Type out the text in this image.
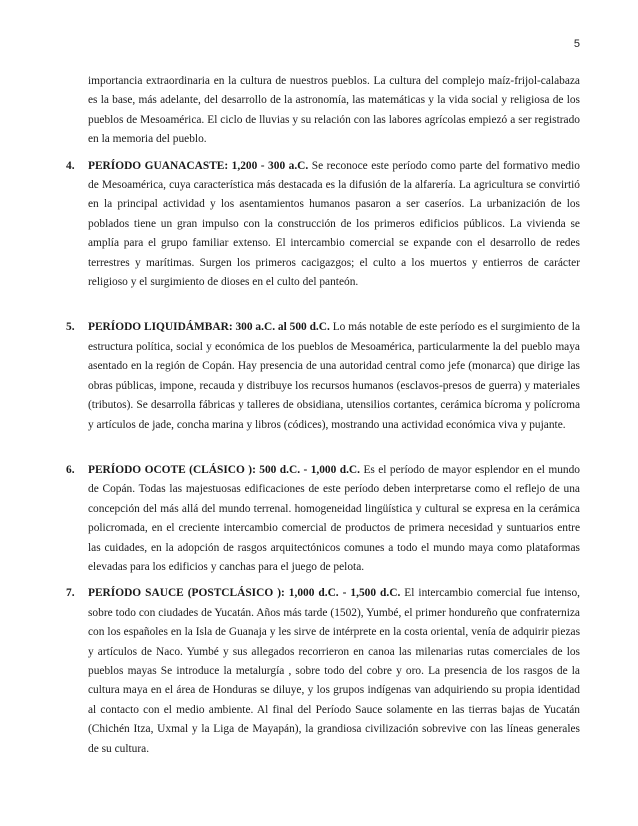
5

importancia extraordinaria en la cultura de nuestros pueblos. La cultura del complejo maíz-frijol-calabaza es la base, más adelante, del desarrollo de la astronomía, las matemáticas y la vida social y religiosa de los pueblos de Mesoamérica. El ciclo de lluvias y su relación con las labores agrícolas empiezó a ser registrado en la memoria del pueblo.

4. PERÍODO GUANACASTE: 1,200 - 300 a.C. Se reconoce este período como parte del formativo medio de Mesoamérica, cuya característica más destacada es la difusión de la alfarería. La agricultura se convirtió en la principal actividad y los asentamientos humanos pasaron a ser caseríos. La urbanización de los poblados tiene un gran impulso con la construcción de los primeros edificios públicos. La vivienda se amplía para el grupo familiar extenso. El intercambio comercial se expande con el desarrollo de redes terrestres y marítimas. Surgen los primeros cacigazgos; el culto a los muertos y entierros de carácter religioso y el surgimiento de dioses en el culto del panteón.
5. PERÍODO LIQUIDÁMBAR: 300 a.C. al 500 d.C. Lo más notable de este período es el surgimiento de la estructura política, social y económica de los pueblos de Mesoamérica, particularmente la del pueblo maya asentado en la región de Copán. Hay presencia de una autoridad central como jefe (monarca) que dirige las obras públicas, impone, recauda y distribuye los recursos humanos (esclavos-presos de guerra) y materiales (tributos). Se desarrolla fábricas y talleres de obsidiana, utensilios cortantes, cerámica bícroma y polícroma y artículos de jade, concha marina y libros (códices), mostrando una actividad económica viva y pujante.
6. PERÍODO OCOTE (CLÁSICO ): 500 d.C. - 1,000 d.C. Es el período de mayor esplendor en el mundo de Copán. Todas las majestuosas edificaciones de este período deben interpretarse como el reflejo de una concepción del más allá del mundo terrenal. homogeneidad lingüística y cultural se expresa en la cerámica policromada, en el creciente intercambio comercial de productos de primera necesidad y suntuarios entre las cuidades, en la adopción de rasgos arquitectónicos comunes a todo el mundo maya como plataformas elevadas para los edificios y canchas para el juego de pelota.
7. PERÍODO SAUCE (POSTCLÁSICO ): 1,000 d.C. - 1,500 d.C. El intercambio comercial fue intenso, sobre todo con ciudades de Yucatán. Años más tarde (1502), Yumbé, el primer hondureño que confraterniza con los españoles en la Isla de Guanaja y les sirve de intérprete en la costa oriental, venía de adquirir piezas y artículos de Naco. Yumbé y sus allegados recorrieron en canoa las milenarias rutas comerciales de los pueblos mayas Se introduce la metalurgía , sobre todo del cobre y oro. La presencia de los rasgos de la cultura maya en el área de Honduras se diluye, y los grupos indígenas van adquiriendo su propia identidad al contacto con el medio ambiente. Al final del Período Sauce solamente en las tierras bajas de Yucatán (Chichén Itza, Uxmal y la Liga de Mayapán), la grandiosa civilización sobrevive con las líneas generales de su cultura.
